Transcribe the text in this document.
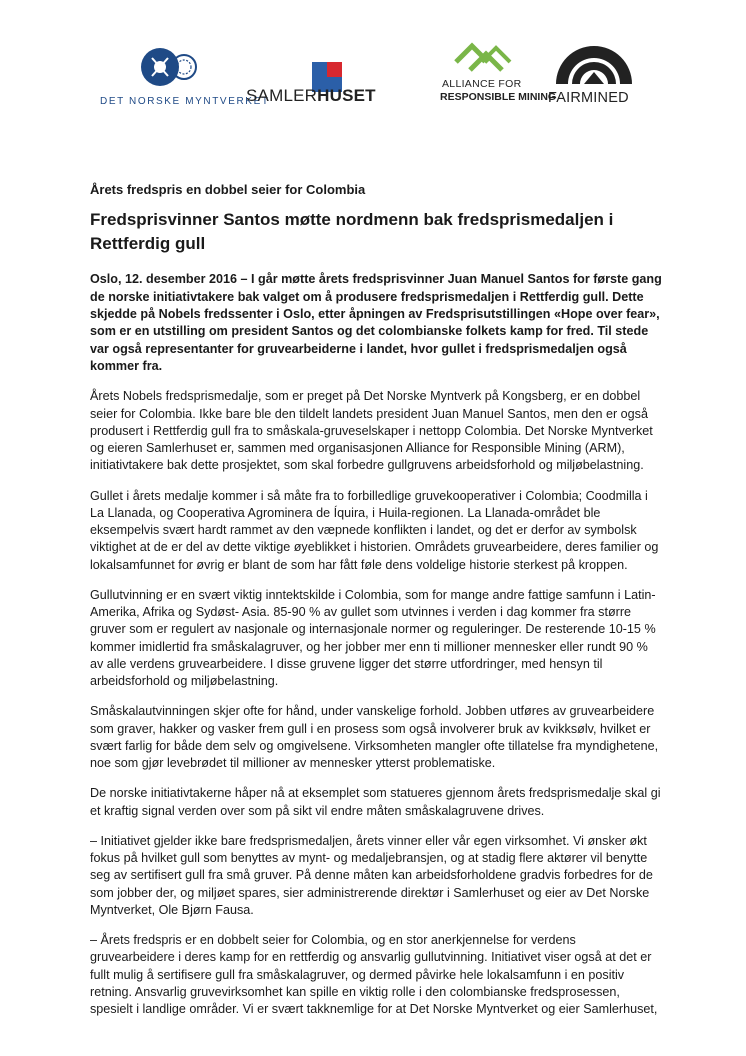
DET NORSKE MYNTVERKET
SAMLERHUSET
ALLIANCE FOR
RESPONSIBLE MINING
FAIRMINED

Årets fredspris en dobbel seier for Colombia

Fredsprisvinner Santos møtte nordmenn bak fredsprismedaljen i Rettferdig gull

Oslo, 12. desember 2016 – I går møtte årets fredsprisvinner Juan Manuel Santos for første gang de norske initiativtakere bak valget om å produsere fredsprismedaljen i Rettferdig gull. Dette skjedde på Nobels fredssenter i Oslo, etter åpningen av Fredsprisutstillingen «Hope over fear», som er en utstilling om president Santos og det colombianske folkets kamp for fred. Til stede var også representanter for gruvearbeiderne i landet, hvor gullet i fredsprismedaljen også kommer fra.

Årets Nobels fredsprismedalje, som er preget på Det Norske Myntverk på Kongsberg, er en dobbel seier for Colombia. Ikke bare ble den tildelt landets president Juan Manuel Santos, men den er også produsert i Rettferdig gull fra to småskala-gruveselskaper i nettopp Colombia. Det Norske Myntverket og eieren Samlerhuset er, sammen med organisasjonen Alliance for Responsible Mining (ARM), initiativtakere bak dette prosjektet, som skal forbedre gullgruvens arbeidsforhold og miljøbelastning.

Gullet i årets medalje kommer i så måte fra to forbilledlige gruvekooperativer i Colombia; Coodmilla i La Llanada, og Cooperativa Agrominera de Íquira, i Huila-regionen. La Llanada-området ble eksempelvis svært hardt rammet av den væpnede konflikten i landet, og det er derfor av symbolsk viktighet at de er del av dette viktige øyeblikket i historien. Områdets gruvearbeidere, deres familier og lokalsamfunnet for øvrig er blant de som har fått føle dens voldelige historie sterkest på kroppen.

Gullutvinning er en svært viktig inntektskilde i Colombia, som for mange andre fattige samfunn i Latin-Amerika, Afrika og Sydøst- Asia. 85-90 % av gullet som utvinnes i verden i dag kommer fra større gruver som er regulert av nasjonale og internasjonale normer og reguleringer. De resterende 10-15 % kommer imidlertid fra småskalagruver, og her jobber mer enn ti millioner mennesker eller rundt 90 % av alle verdens gruvearbeidere. I disse gruvene ligger det større utfordringer, med hensyn til arbeidsforhold og miljøbelastning.

Småskalautvinningen skjer ofte for hånd, under vanskelige forhold. Jobben utføres av gruvearbeidere som graver, hakker og vasker frem gull i en prosess som også involverer bruk av kvikksølv, hvilket er svært farlig for både dem selv og omgivelsene. Virksomheten mangler ofte tillatelse fra myndighetene, noe som gjør levebrødet til millioner av mennesker ytterst problematiske.

De norske initiativtakerne håper nå at eksemplet som statueres gjennom årets fredsprismedalje skal gi et kraftig signal verden over som på sikt vil endre måten småskalagruvene drives.

– Initiativet gjelder ikke bare fredsprismedaljen, årets vinner eller vår egen virksomhet. Vi ønsker økt fokus på hvilket gull som benyttes av mynt- og medaljebransjen, og at stadig flere aktører vil benytte seg av sertifisert gull fra små gruver. På denne måten kan arbeidsforholdene gradvis forbedres for de som jobber der, og miljøet spares, sier administrerende direktør i Samlerhuset og eier av Det Norske Myntverket, Ole Bjørn Fausa.

– Årets fredspris er en dobbelt seier for Colombia, og en stor anerkjennelse for verdens gruvearbeidere i deres kamp for en rettferdig og ansvarlig gullutvinning. Initiativet viser også at det er fullt mulig å sertifisere gull fra småskalagruver, og dermed påvirke hele lokalsamfunn i en positiv retning. Ansvarlig gruvevirksomhet kan spille en viktig rolle i den colombianske fredsprosessen, spesielt i landlige områder. Vi er svært takknemlige for at Det Norske Myntverket og eier Samlerhuset,
